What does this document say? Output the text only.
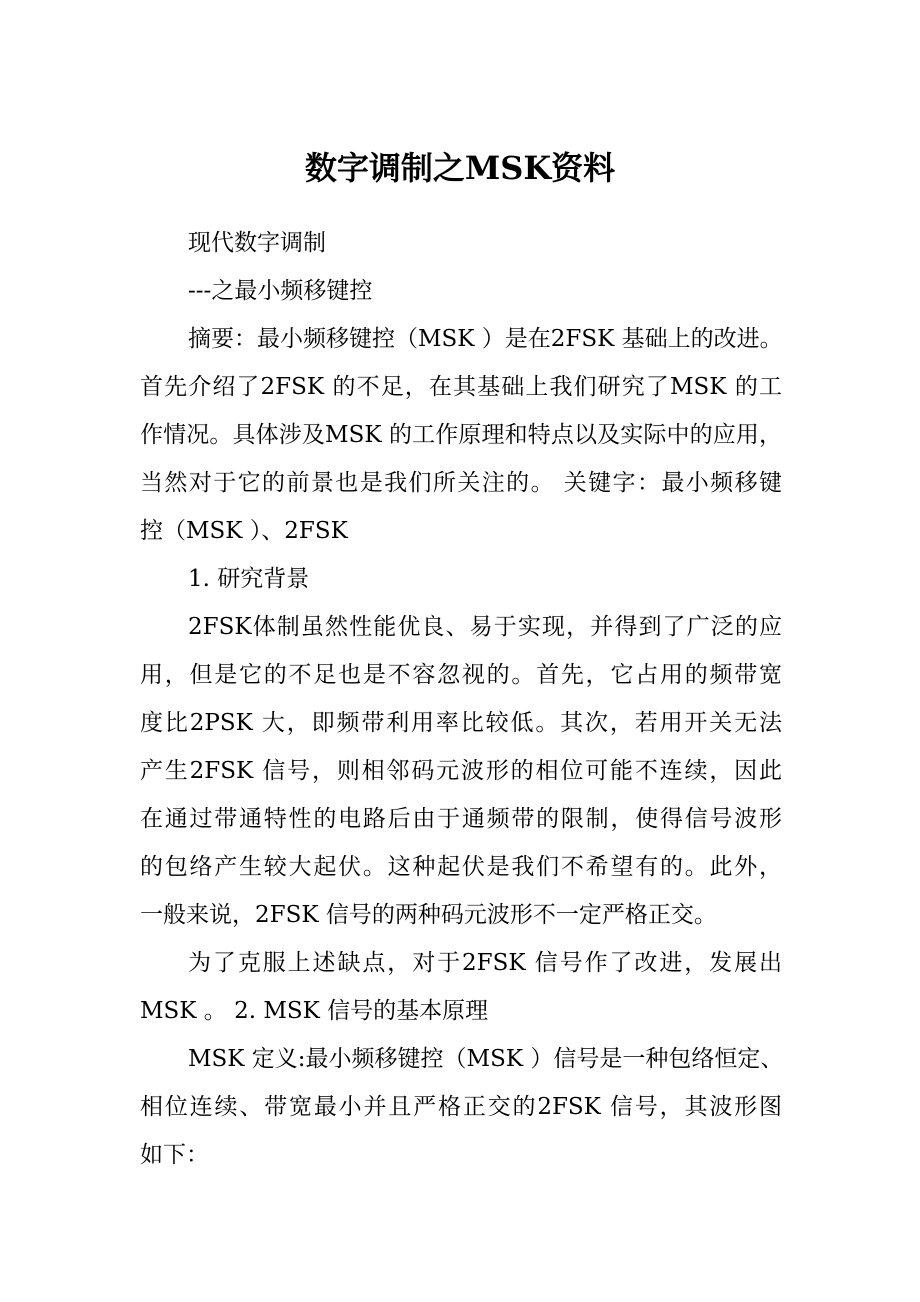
数字调制之MSK资料
现代数字调制
---之最小频移键控
摘要：最小频移键控（MSK ）是在2FSK 基础上的改进。
首先介绍了2FSK 的不足，在其基础上我们研究了MSK 的工
作情况。具体涉及MSK 的工作原理和特点以及实际中的应用，
当然对于它的前景也是我们所关注的。 关键字：最小频移键
控（MSK ）、2FSK
1. 研究背景
2FSK体制虽然性能优良、易于实现，并得到了广泛的应
用，但是它的不足也是不容忽视的。首先，它占用的频带宽
度比2PSK 大，即频带利用率比较低。其次，若用开关无法
产生2FSK 信号，则相邻码元波形的相位可能不连续，因此
在通过带通特性的电路后由于通频带的限制，使得信号波形
的包络产生较大起伏。这种起伏是我们不希望有的。此外，
一般来说，2FSK 信号的两种码元波形不一定严格正交。
为了克服上述缺点，对于2FSK 信号作了改进，发展出
MSK 。 2. MSK 信号的基本原理
MSK 定义:最小频移键控（MSK ）信号是一种包络恒定、
相位连续、带宽最小并且严格正交的2FSK 信号，其波形图
如下：
